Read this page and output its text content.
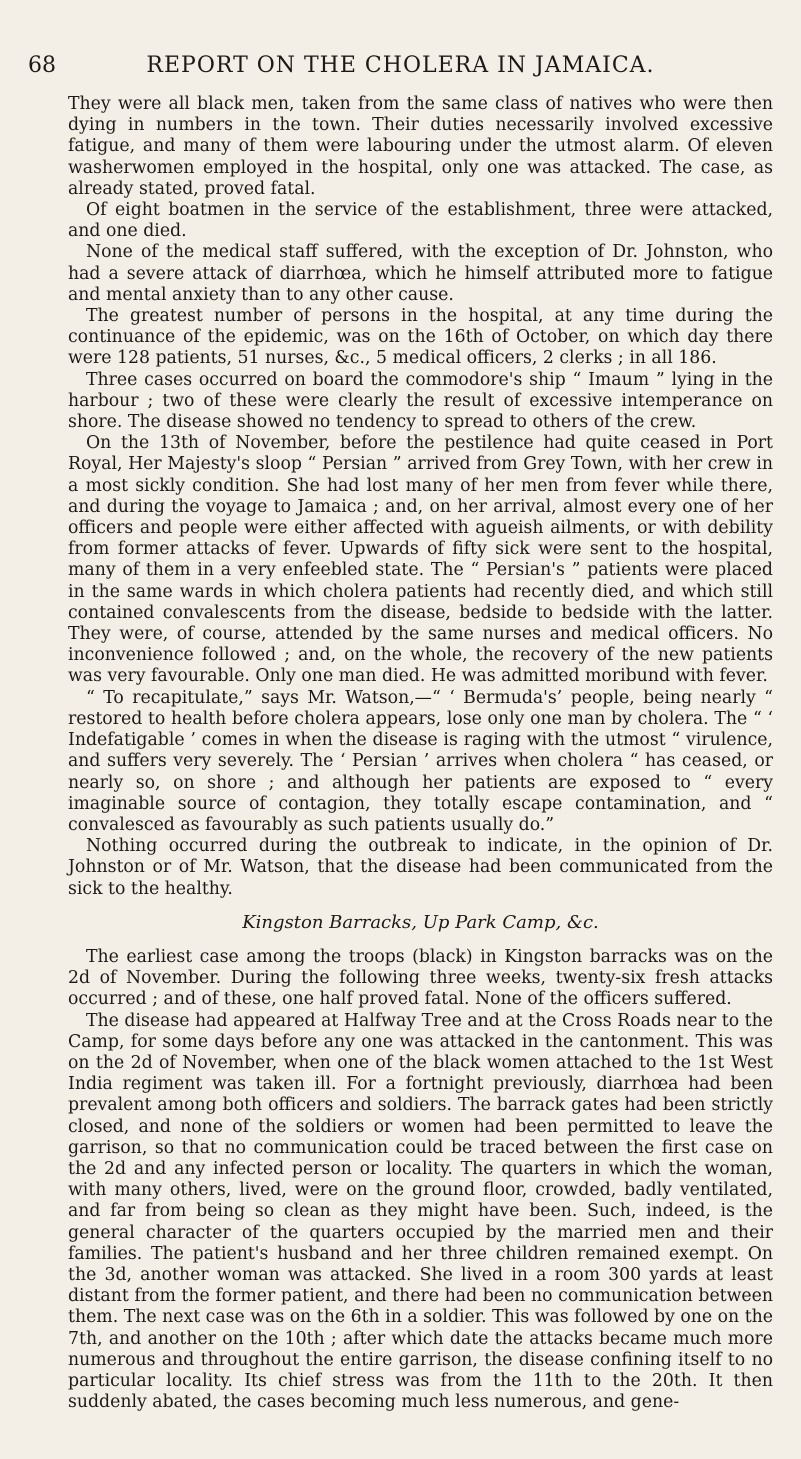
68	REPORT ON THE CHOLERA IN JAMAICA.

They were all black men, taken from the same class of natives who were then dying in numbers in the town. Their duties necessarily involved excessive fatigue, and many of them were labouring under the utmost alarm. Of eleven washerwomen employed in the hospital, only one was attacked. The case, as already stated, proved fatal.

Of eight boatmen in the service of the establishment, three were attacked, and one died.

None of the medical staff suffered, with the exception of Dr. Johnston, who had a severe attack of diarrhœa, which he himself attributed more to fatigue and mental anxiety than to any other cause.

The greatest number of persons in the hospital, at any time during the continuance of the epidemic, was on the 16th of October, on which day there were 128 patients, 51 nurses, &c., 5 medical officers, 2 clerks ; in all 186.

Three cases occurred on board the commodore's ship “ Imaum ” lying in the harbour ; two of these were clearly the result of excessive intemperance on shore. The disease showed no tendency to spread to others of the crew.

On the 13th of November, before the pestilence had quite ceased in Port Royal, Her Majesty's sloop “ Persian ” arrived from Grey Town, with her crew in a most sickly condition. She had lost many of her men from fever while there, and during the voyage to Jamaica ; and, on her arrival, almost every one of her officers and people were either affected with agueish ailments, or with debility from former attacks of fever. Upwards of fifty sick were sent to the hospital, many of them in a very enfeebled state. The “ Persian's ” patients were placed in the same wards in which cholera patients had recently died, and which still contained convalescents from the disease, bedside to bedside with the latter. They were, of course, attended by the same nurses and medical officers. No inconvenience followed ; and, on the whole, the recovery of the new patients was very favourable. Only one man died. He was admitted moribund with fever.

“ To recapitulate,” says Mr. Watson,—“ ‘ Bermuda's’ people, being nearly “ restored to health before cholera appears, lose only one man by cholera. The “ ‘ Indefatigable ’ comes in when the disease is raging with the utmost “ virulence, and suffers very severely. The ‘ Persian ’ arrives when cholera “ has ceased, or nearly so, on shore ; and although her patients are exposed to “ every imaginable source of contagion, they totally escape contamination, and “ convalesced as favourably as such patients usually do.”

Nothing occurred during the outbreak to indicate, in the opinion of Dr. Johnston or of Mr. Watson, that the disease had been communicated from the sick to the healthy.

Kingston Barracks, Up Park Camp, &c.

The earliest case among the troops (black) in Kingston barracks was on the 2d of November. During the following three weeks, twenty-six fresh attacks occurred ; and of these, one half proved fatal. None of the officers suffered.

The disease had appeared at Halfway Tree and at the Cross Roads near to the Camp, for some days before any one was attacked in the cantonment. This was on the 2d of November, when one of the black women attached to the 1st West India regiment was taken ill. For a fortnight previously, diarrhœa had been prevalent among both officers and soldiers. The barrack gates had been strictly closed, and none of the soldiers or women had been permitted to leave the garrison, so that no communication could be traced between the first case on the 2d and any infected person or locality. The quarters in which the woman, with many others, lived, were on the ground floor, crowded, badly ventilated, and far from being so clean as they might have been. Such, indeed, is the general character of the quarters occupied by the married men and their families. The patient's husband and her three children remained exempt. On the 3d, another woman was attacked. She lived in a room 300 yards at least distant from the former patient, and there had been no communication between them. The next case was on the 6th in a soldier. This was followed by one on the 7th, and another on the 10th ; after which date the attacks became much more numerous and throughout the entire garrison, the disease confining itself to no particular locality. Its chief stress was from the 11th to the 20th. It then suddenly abated, the cases becoming much less numerous, and gene-
